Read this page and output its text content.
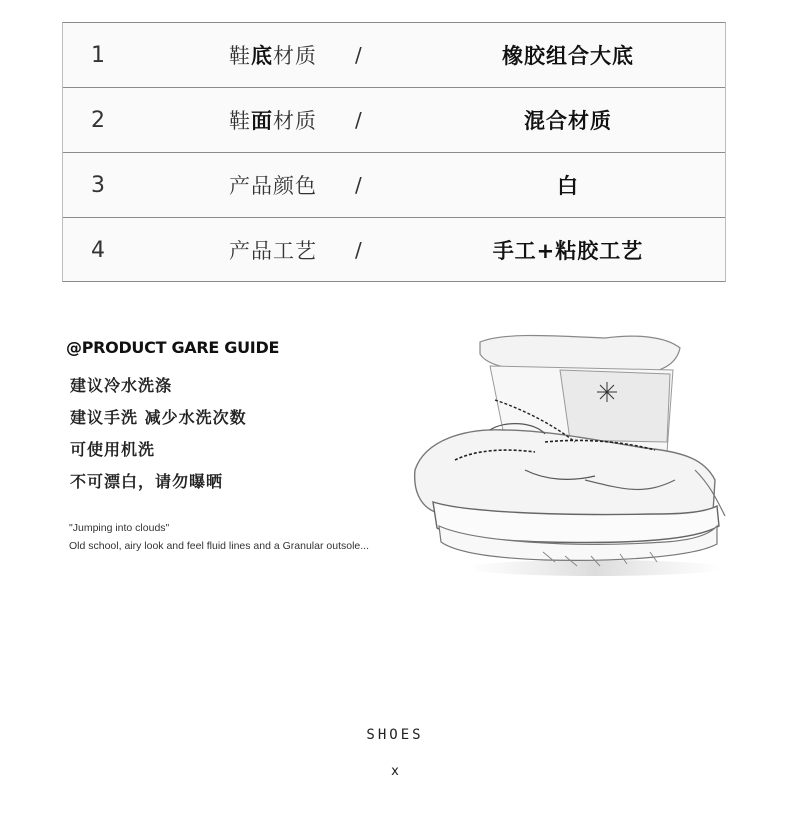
1	鞋 底 材质 /	橡胶组合大底
2	鞋 面 材质 /	混合材质
3	产品颜色 /	白
4	产品工艺 /	手工+粘胶工艺
@PRODUCT GARE GUIDE
建议冷水洗涤
建议手洗 减少水洗次数
可使用机洗
不可漂白，请勿曝晒
"Jumping into clouds"
Old school, airy look and feel fluid lines and a Granular outsole...
SHOES
x
